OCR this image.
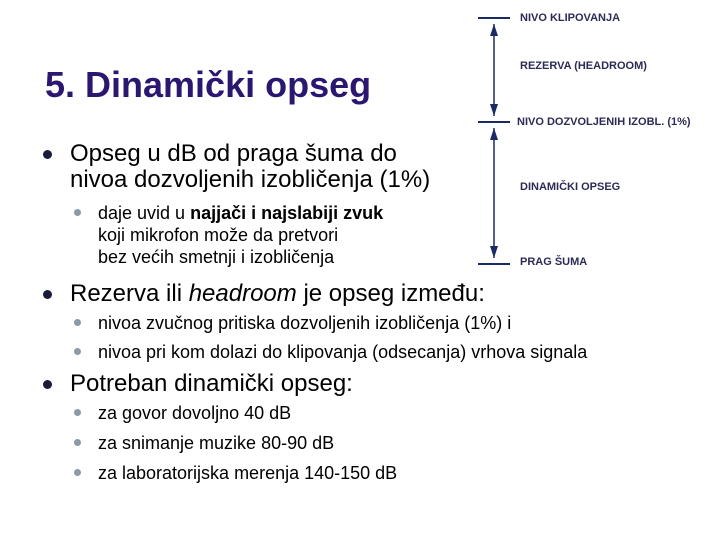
5. Dinamički opseg
NIVO KLIPOVANJA
REZERVA (HEADROOM)
NIVO DOZVOLJENIH IZOBL. (1%)
DINAMIČKI OPSEG
PRAG ŠUMA
Opseg u dB od praga šuma do
nivoa dozvoljenih izobličenja (1%)
daje uvid u najjači i najslabiji zvuk
koji mikrofon može da pretvori
bez većih smetnji i izobličenja
Rezerva ili headroom je opseg između:
nivoa zvučnog pritiska dozvoljenih izobličenja (1%) i
nivoa pri kom dolazi do klipovanja (odsecanja) vrhova signala
Potreban dinamički opseg:
za govor dovoljno 40 dB
za snimanje muzike 80-90 dB
za laboratorijska merenja 140-150 dB
